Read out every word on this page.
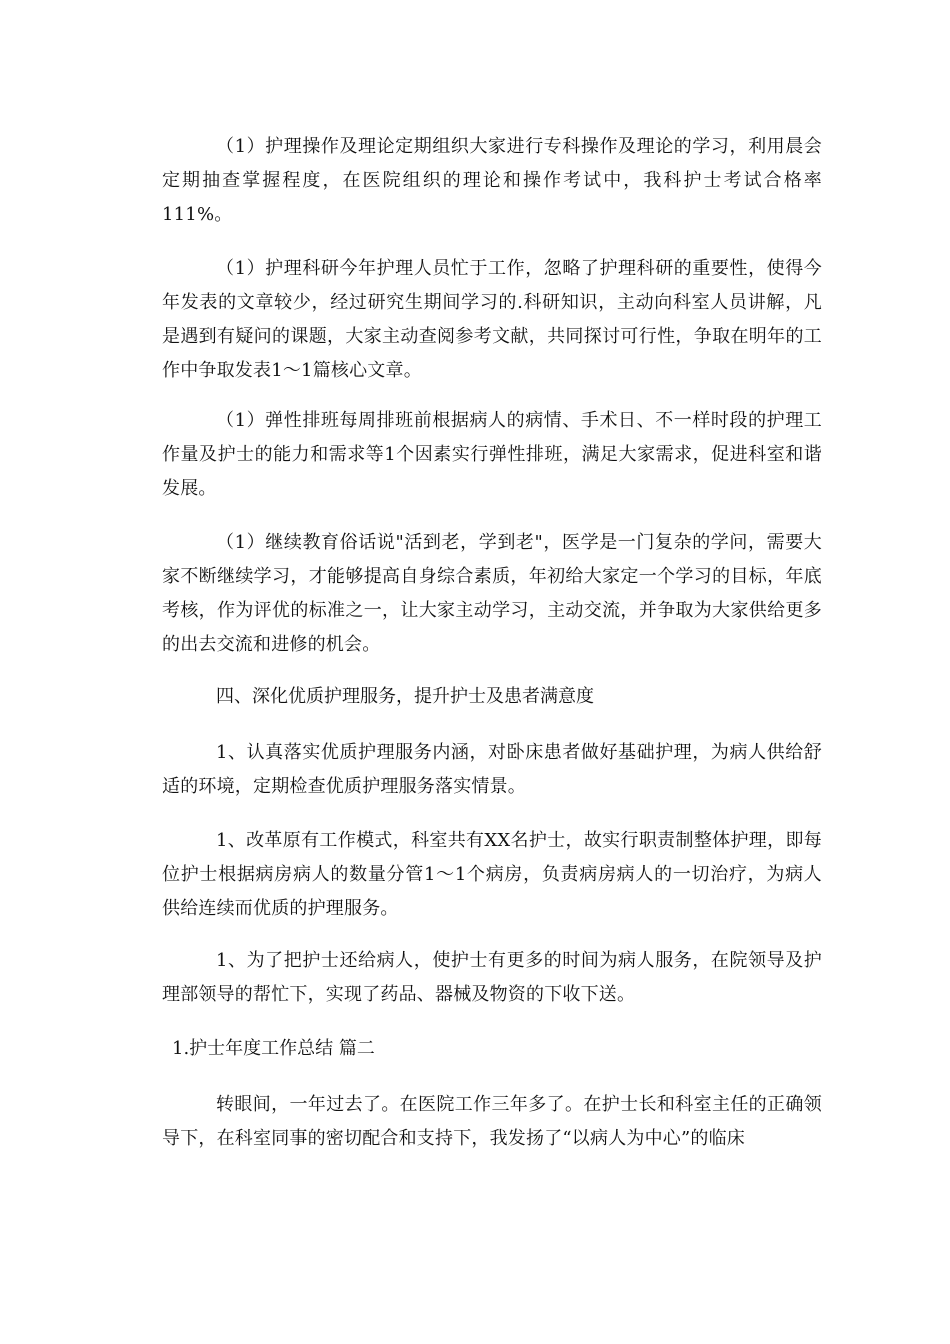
（1）护理操作及理论定期组织大家进行专科操作及理论的学习，利用晨会定期抽查掌握程度，在医院组织的理论和操作考试中，我科护士考试合格率111%。

（1）护理科研今年护理人员忙于工作，忽略了护理科研的重要性，使得今年发表的文章较少，经过研究生期间学习的.科研知识，主动向科室人员讲解，凡是遇到有疑问的课题，大家主动查阅参考文献，共同探讨可行性，争取在明年的工作中争取发表1～1篇核心文章。

（1）弹性排班每周排班前根据病人的病情、手术日、不一样时段的护理工作量及护士的能力和需求等1个因素实行弹性排班，满足大家需求，促进科室和谐发展。

（1）继续教育俗话说"活到老，学到老"，医学是一门复杂的学问，需要大家不断继续学习，才能够提高自身综合素质，年初给大家定一个学习的目标，年底考核，作为评优的标准之一，让大家主动学习，主动交流，并争取为大家供给更多的出去交流和进修的机会。

四、深化优质护理服务，提升护士及患者满意度

1、认真落实优质护理服务内涵，对卧床患者做好基础护理，为病人供给舒适的环境，定期检查优质护理服务落实情景。

1、改革原有工作模式，科室共有XX名护士，故实行职责制整体护理，即每位护士根据病房病人的数量分管1～1个病房，负责病房病人的一切治疗，为病人供给连续而优质的护理服务。

1、为了把护士还给病人，使护士有更多的时间为病人服务，在院领导及护理部领导的帮忙下，实现了药品、器械及物资的下收下送。

1.护士年度工作总结 篇二

转眼间，一年过去了。在医院工作三年多了。在护士长和科室主任的正确领导下，在科室同事的密切配合和支持下，我发扬了“以病人为中心”的临床
